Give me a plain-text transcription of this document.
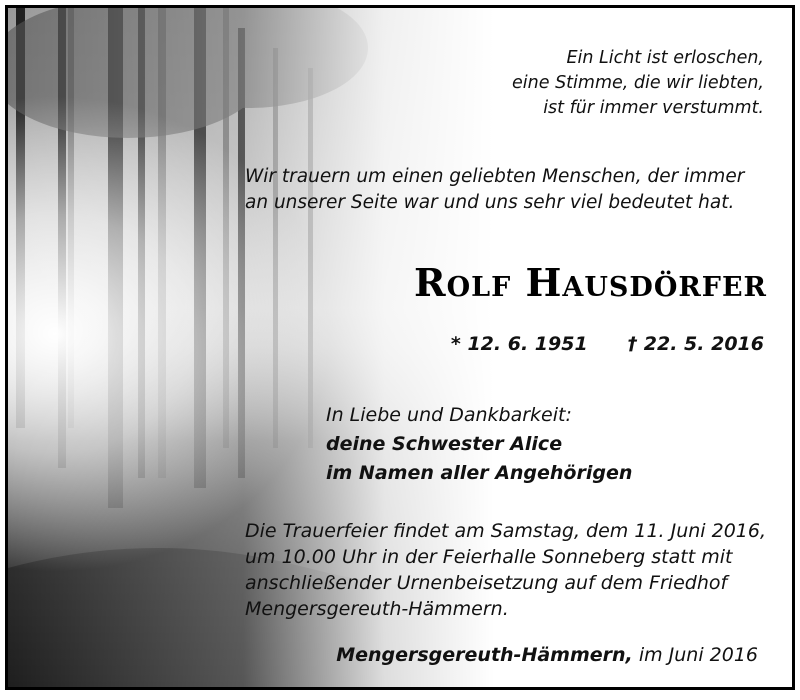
Ein Licht ist erloschen,
eine Stimme, die wir liebten,
ist für immer verstummt.
Wir trauern um einen geliebten Menschen, der immer
an unserer Seite war und uns sehr viel bedeutet hat.
Rolf Hausdörfer
* 12. 6. 1951 † 22. 5. 2016
In Liebe und Dankbarkeit:
deine Schwester Alice
im Namen aller Angehörigen
Die Trauerfeier findet am Samstag, dem 11. Juni 2016,
um 10.00 Uhr in der Feierhalle Sonneberg statt mit
anschließender Urnenbeisetzung auf dem Friedhof
Mengersgereuth-Hämmern.
Mengersgereuth-Hämmern, im Juni 2016
